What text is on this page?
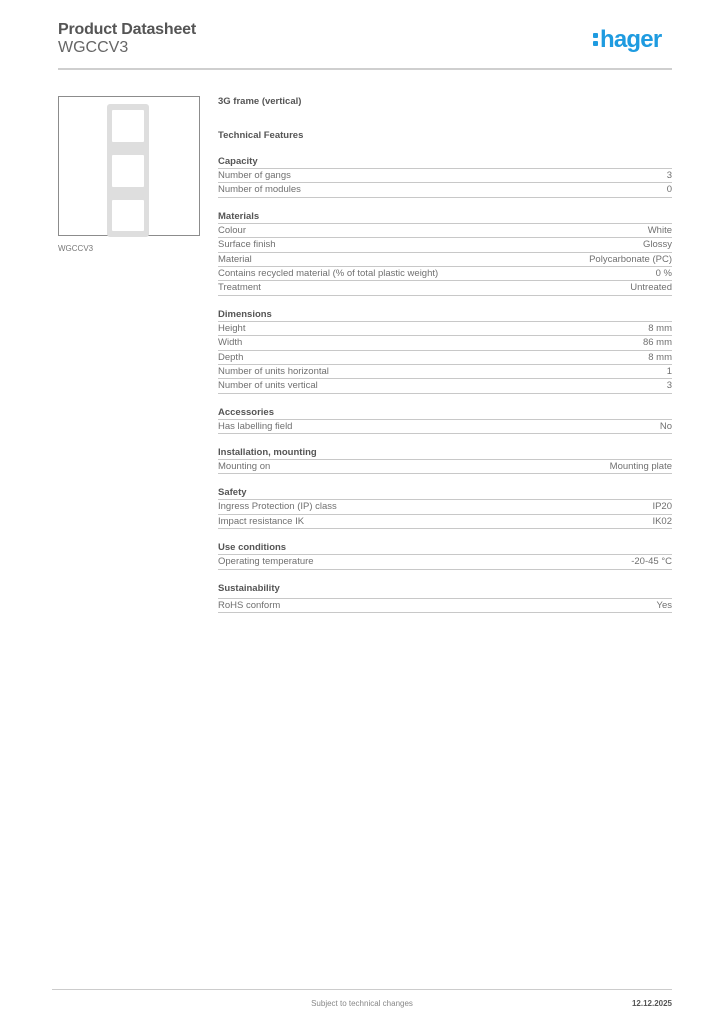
Product Datasheet
WGCCV3	hager
WGCCV3
3G frame (vertical)
Technical Features
Capacity
Number of gangs	3
Number of modules	0
Materials
Colour	White
Surface finish	Glossy
Material	Polycarbonate (PC)
Contains recycled material (% of total plastic weight)	0 %
Treatment	Untreated
Dimensions
Height	8 mm
Width	86 mm
Depth	8 mm
Number of units horizontal	1
Number of units vertical	3
Accessories
Has labelling field	No
Installation, mounting
Mounting on	Mounting plate
Safety
Ingress Protection (IP) class	IP20
Impact resistance IK	IK02
Use conditions
Operating temperature	-20-45 °C
Sustainability
RoHS conform	Yes
Subject to technical changes	12.12.2025
